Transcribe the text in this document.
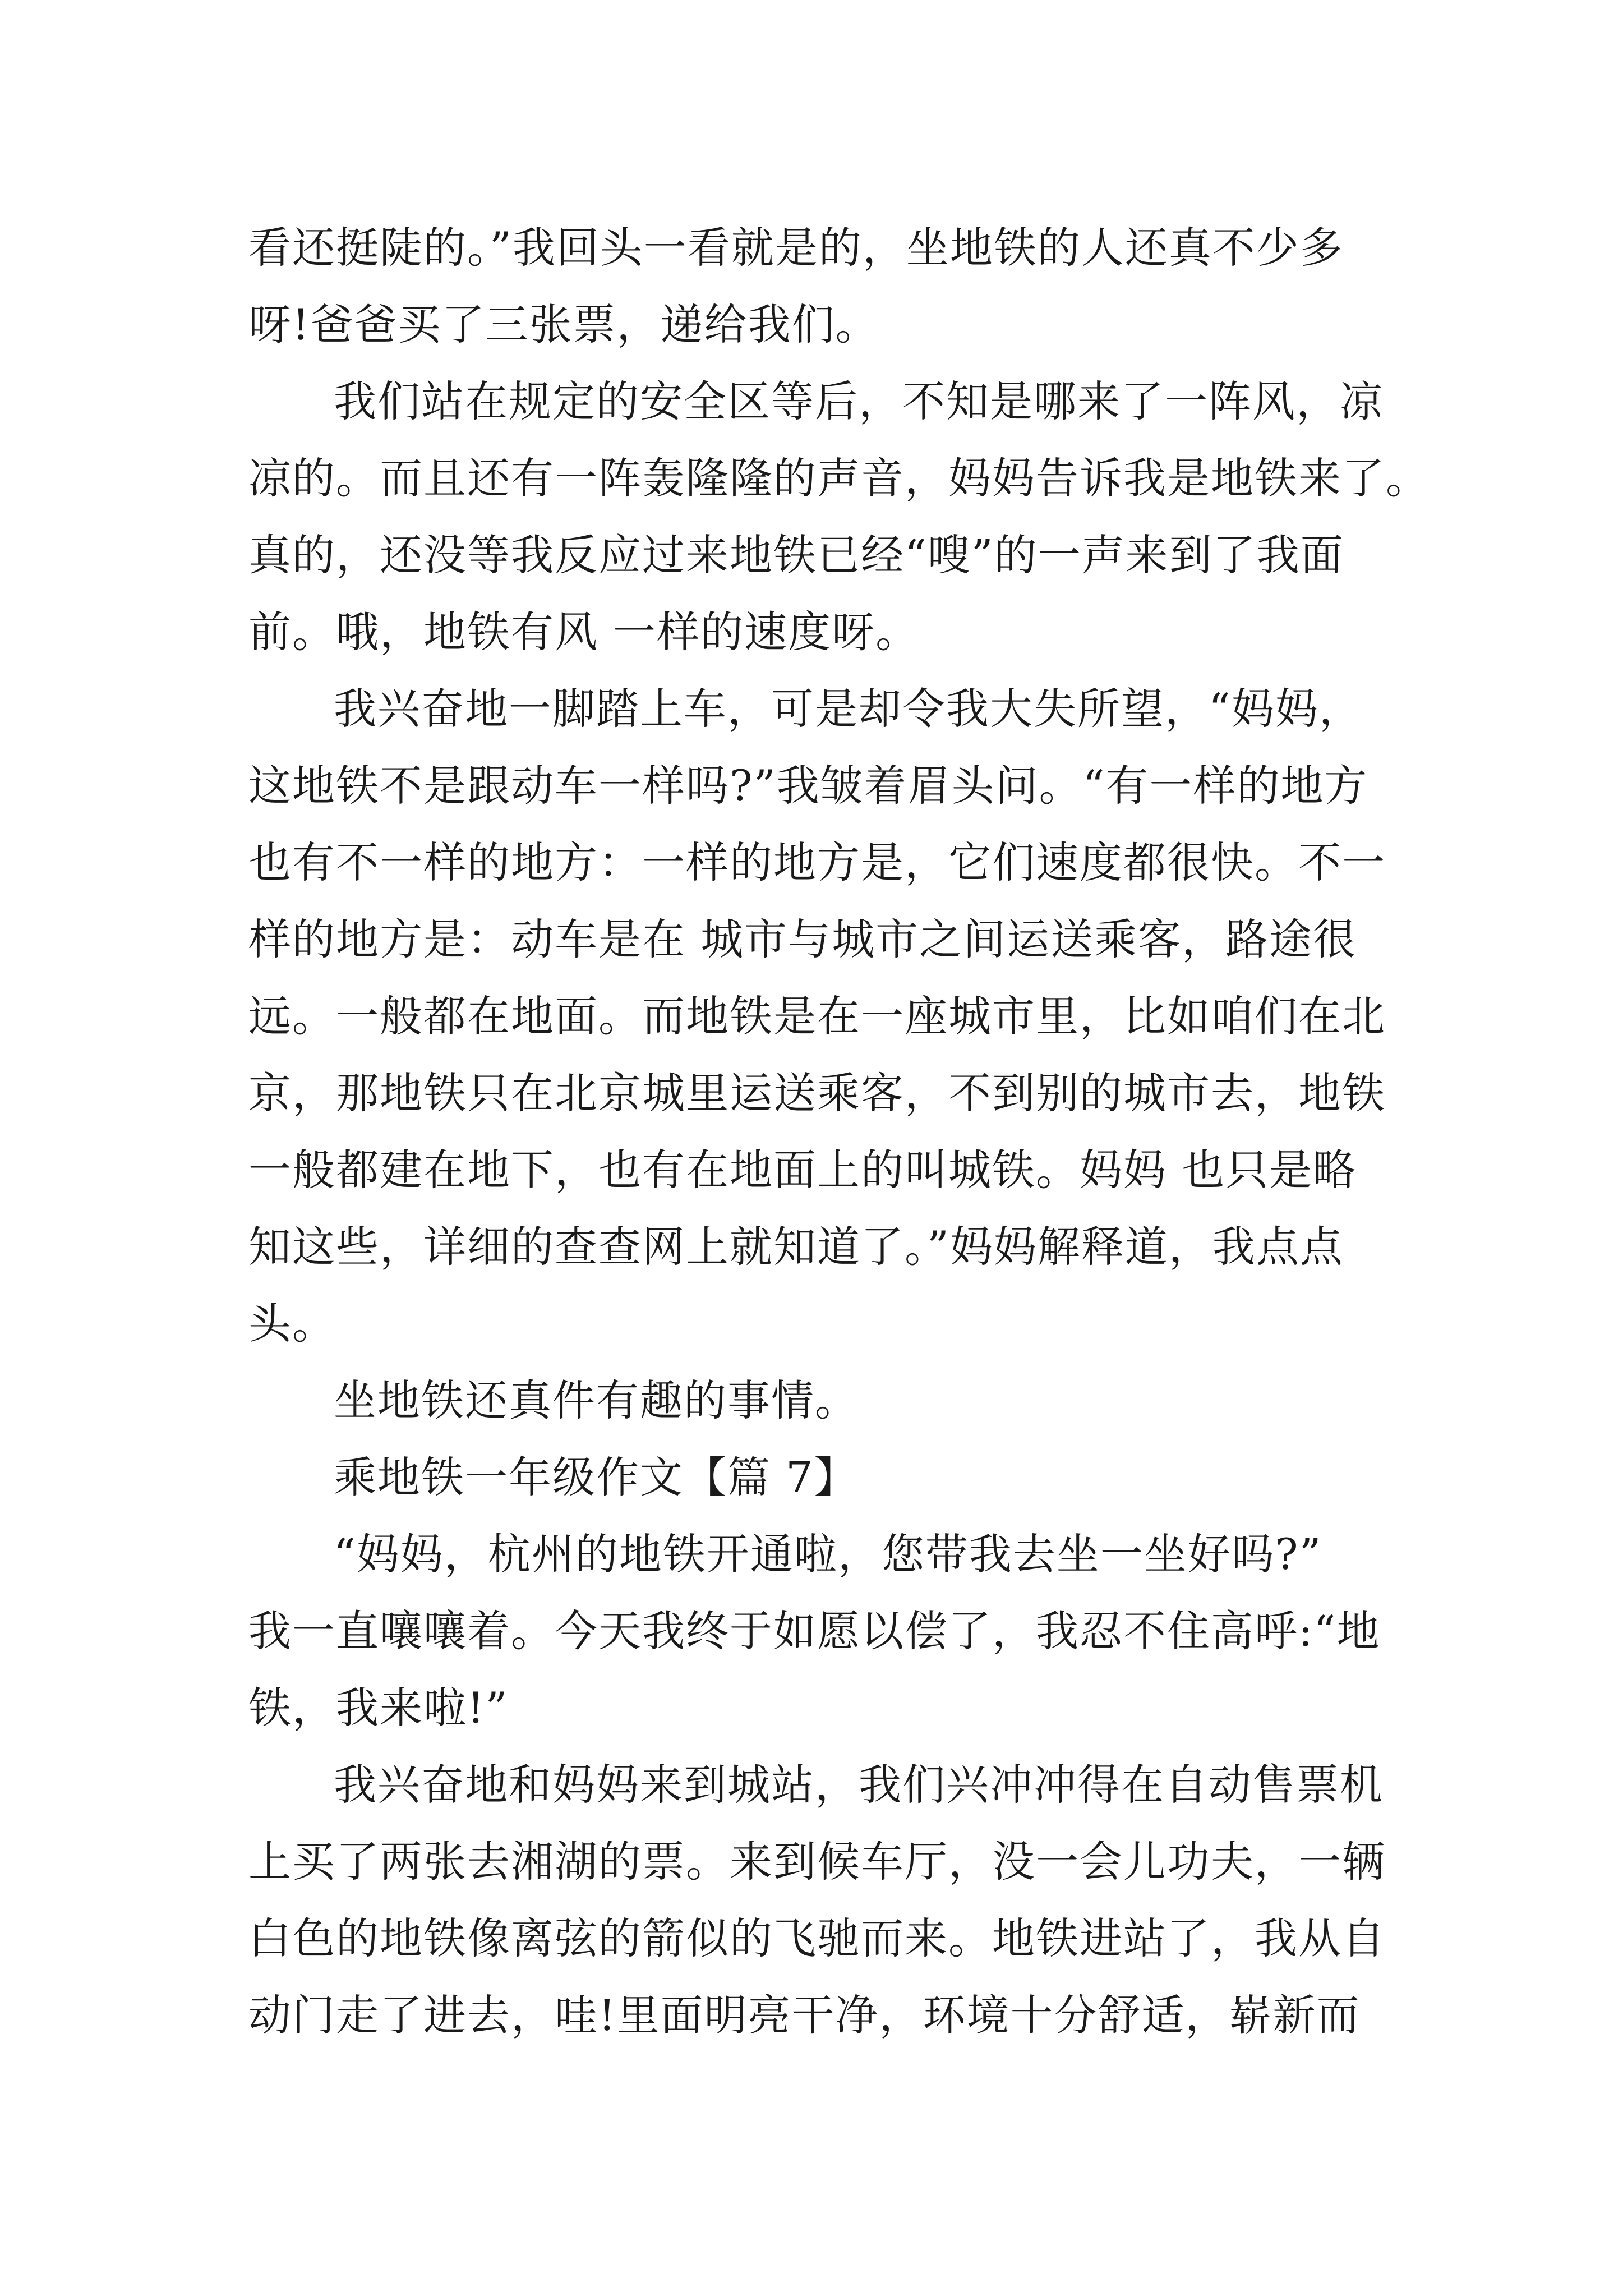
看还挺陡的。”我回头一看就是的，坐地铁的人还真不少多
呀!爸爸买了三张票，递给我们。
我们站在规定的安全区等后，不知是哪来了一阵风，凉
凉的。而且还有一阵轰隆隆的声音，妈妈告诉我是地铁来了。
真的，还没等我反应过来地铁已经“嗖”的一声来到了我面
前。哦，地铁有风 一样的速度呀。
我兴奋地一脚踏上车，可是却令我大失所望，“妈妈，
这地铁不是跟动车一样吗?”我皱着眉头问。“有一样的地方
也有不一样的地方：一样的地方是，它们速度都很快。不一
样的地方是：动车是在 城市与城市之间运送乘客，路途很
远。一般都在地面。而地铁是在一座城市里，比如咱们在北
京，那地铁只在北京城里运送乘客，不到别的城市去，地铁
一般都建在地下，也有在地面上的叫城铁。妈妈 也只是略
知这些，详细的查查网上就知道了。”妈妈解释道，我点点
头。
坐地铁还真件有趣的事情。
乘地铁一年级作文【篇 7】
“妈妈，杭州的地铁开通啦，您带我去坐一坐好吗?”
我一直嚷嚷着。今天我终于如愿以偿了，我忍不住高呼:“地
铁，我来啦!”
我兴奋地和妈妈来到城站，我们兴冲冲得在自动售票机
上买了两张去湘湖的票。来到候车厅，没一会儿功夫，一辆
白色的地铁像离弦的箭似的飞驰而来。地铁进站了，我从自
动门走了进去，哇!里面明亮干净，环境十分舒适，崭新而
